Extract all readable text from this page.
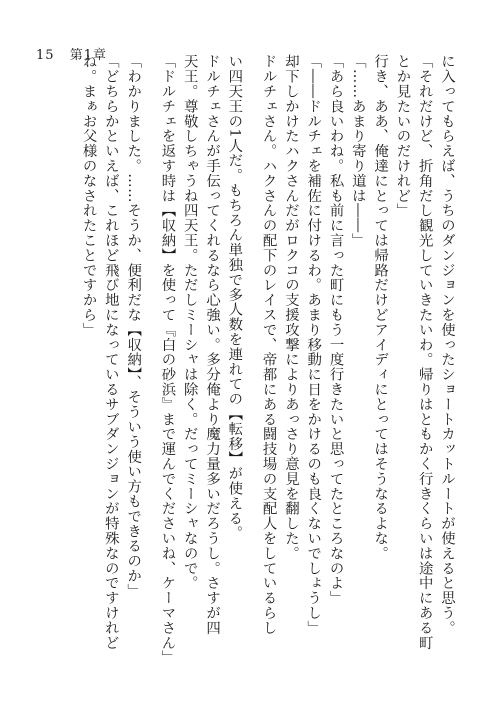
15 第1章	に入ってもらえば、うちのダンジョンを使ったショートカットルートが使えると思う。

「それだけど、折角だし観光していきたいわ。帰りはともかく行きくらいは途中にある町

とか見たいのだけれど」

行き、ああ、俺達にとっては帰路だけどアイディにとってはそうなるよな。

「……あまり寄り道は――」

「あら良いわね。私も前に言った町にもう一度行きたいと思ってたところなのよ」

「――ドルチェを補佐に付けるわ。あまり移動に日をかけるのも良くないでしょうし」

却下しかけたハクさんだがロクコの支援攻撃によりあっさり意見を翻した。

ドルチェさん。ハクさんの配下のレイスで、帝都にある闘技場の支配人をしているらし

い四天王の1人だ。もちろん単独で多人数を連れての【転移】が使える。

ドルチェさんが手伝ってくれるなら心強い。多分俺より魔力量多いだろうし。さすが四

天王。尊敬しちゃうね四天王。ただしミーシャは除く。だってミーシャなので。

「ドルチェを返す時は【収納】を使って『白の砂浜』まで運んでくださいね、ケーマさん」

「わかりました。……そうか、便利だな【収納】、そういう使い方もできるのか」

「どちらかといえば、これほど飛び地になっているサブダンジョンが特殊なのですけれど

ね。まぁお父様のなされたことですから」
